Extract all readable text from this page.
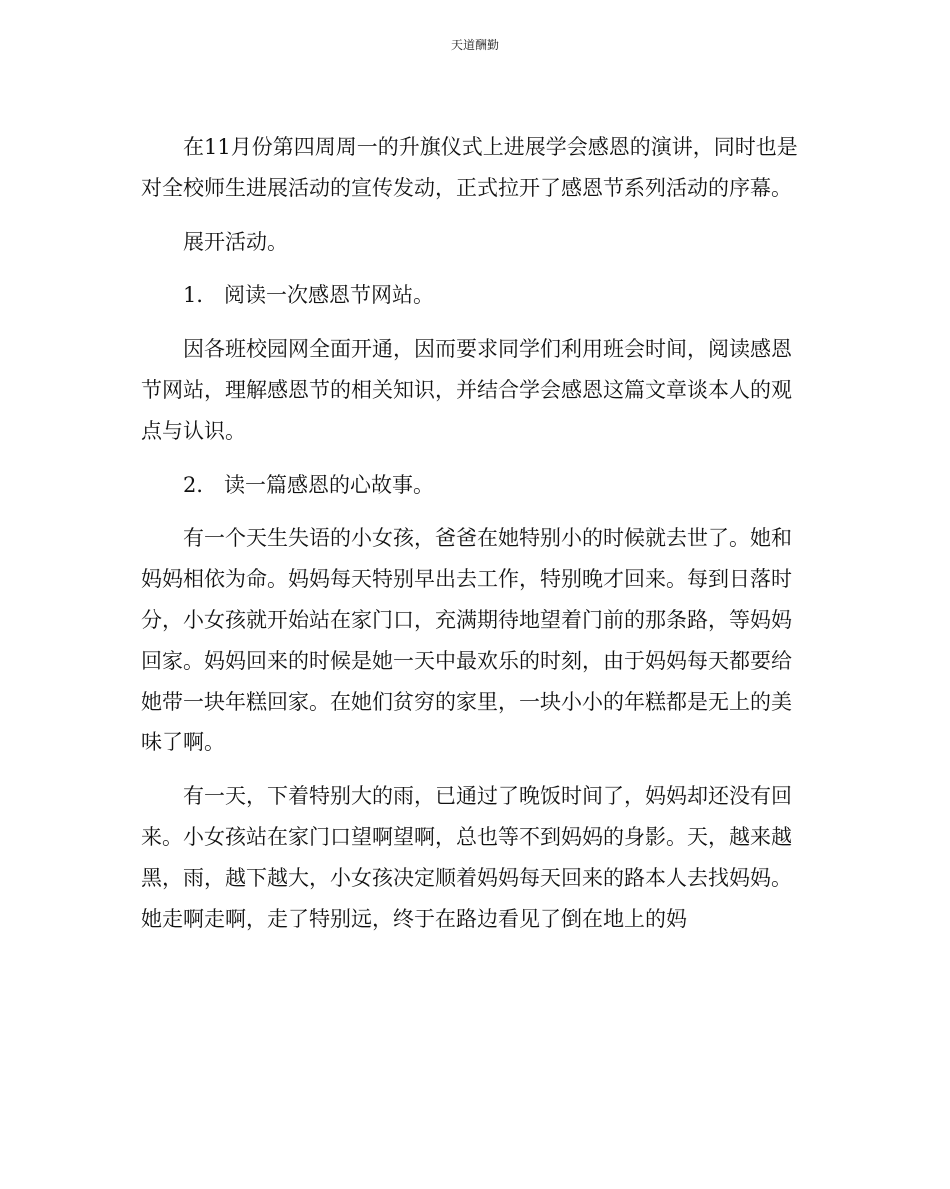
天道酬勤

在11月份第四周周一的升旗仪式上进展学会感恩的演讲，同时也是对全校师生进展活动的宣传发动，正式拉开了感恩节系列活动的序幕。

展开活动。

1． 阅读一次感恩节网站。

因各班校园网全面开通，因而要求同学们利用班会时间，阅读感恩节网站，理解感恩节的相关知识，并结合学会感恩这篇文章谈本人的观点与认识。

2． 读一篇感恩的心故事。

有一个天生失语的小女孩，爸爸在她特别小的时候就去世了。她和妈妈相依为命。妈妈每天特别早出去工作，特别晚才回来。每到日落时分，小女孩就开始站在家门口，充满期待地望着门前的那条路，等妈妈回家。妈妈回来的时候是她一天中最欢乐的时刻，由于妈妈每天都要给她带一块年糕回家。在她们贫穷的家里，一块小小的年糕都是无上的美味了啊。

有一天，下着特别大的雨，已通过了晚饭时间了，妈妈却还没有回来。小女孩站在家门口望啊望啊，总也等不到妈妈的身影。天，越来越黑，雨，越下越大，小女孩决定顺着妈妈每天回来的路本人去找妈妈。她走啊走啊，走了特别远，终于在路边看见了倒在地上的妈
